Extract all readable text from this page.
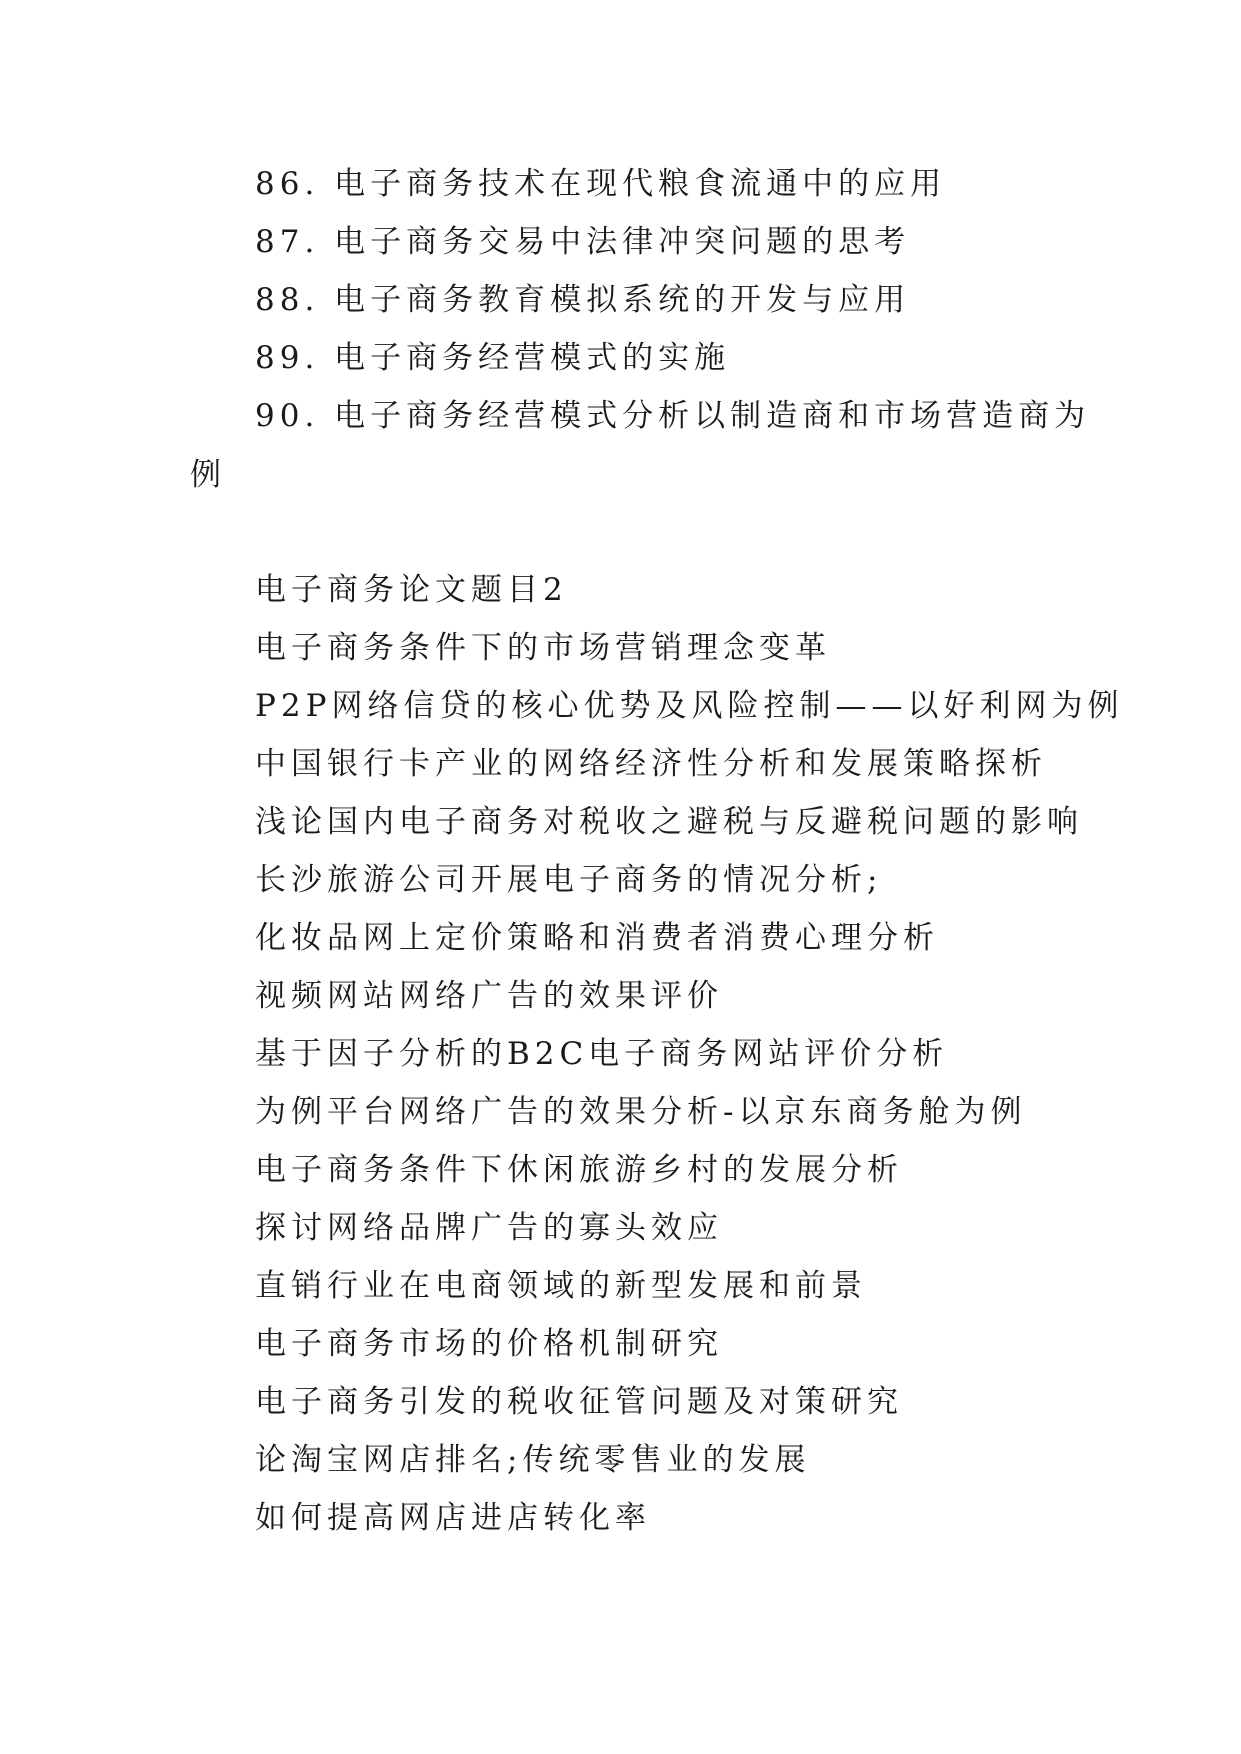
86. 电子商务技术在现代粮食流通中的应用
87. 电子商务交易中法律冲突问题的思考
88. 电子商务教育模拟系统的开发与应用
89. 电子商务经营模式的实施
90. 电子商务经营模式分析以制造商和市场营造商为
例
电子商务论文题目2
电子商务条件下的市场营销理念变革
P2P网络信贷的核心优势及风险控制——以好利网为例
中国银行卡产业的网络经济性分析和发展策略探析
浅论国内电子商务对税收之避税与反避税问题的影响
长沙旅游公司开展电子商务的情况分析;
化妆品网上定价策略和消费者消费心理分析
视频网站网络广告的效果评价
基于因子分析的B2C电子商务网站评价分析
为例平台网络广告的效果分析-以京东商务舱为例
电子商务条件下休闲旅游乡村的发展分析
探讨网络品牌广告的寡头效应
直销行业在电商领域的新型发展和前景
电子商务市场的价格机制研究
电子商务引发的税收征管问题及对策研究
论淘宝网店排名;传统零售业的发展
如何提高网店进店转化率
